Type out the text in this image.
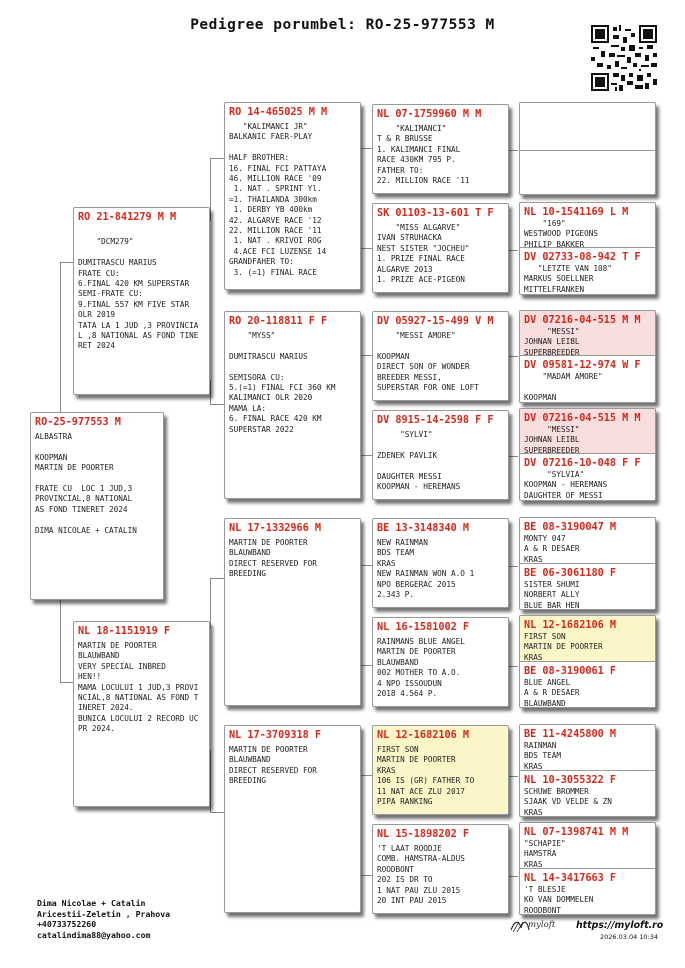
Pedigree porumbel: RO-25-977553 M
RO-25-977553 M
ALBASTRA

KOOPMAN
MARTIN DE POORTER

FRATE CU  LOC 1 JUD,3
PROVINCIAL,8 NATIONAL
AS FOND TINERET 2024

DIMA NICOLAE + CATALIN
RO 21-841279 M M

"DCM279"

DUMITRASCU MARIUS
FRATE CU:
6.FINAL 420 KM SUPERSTAR
SEMI-FRATE CU:
9.FINAL 557 KM FIVE STAR
OLR 2019
TATA LA 1 JUD ,3 PROVINCIA
L ,8 NATIONAL AS FOND TINE
RET 2024
NL 18-1151919 F
MARTIN DE POORTER
BLAUWBAND
VERY SPECIAL INBRED
HEN!!
MAMA LOCULUI 1 JUD,3 PROVI
NCIAL,8 NATIONAL AS FOND T
INERET 2024.
BUNICA LOCULUI 2 RECORD UC
PR 2024.
RO 14-465025 M M
"KALIMANCI JR"
BALKANIC FAER-PLAY

HALF BROTHER:
16. FINAL FCI PATTAYA
46. MILLION RACE '09
1. NAT . SPRINT Yl.
=1. THAILANDA 300km
1. DERBY YB 400km
42. ALGARVE RACE '12
22. MILLION RACE '11
1. NAT . KRIVOI ROG
4.ACE FCI LUZENSE 14
GRANDFAHER TO:
3. (=1) FINAL RACE
RO 20-118811 F F
"MYSS"

DUMITRASCU MARIUS

SEMISORA CU:
5.(=1) FINAL FCI 360 KM
KALIMANCI OLR 2020
MAMA LA:
6. FINAL RACE 420 KM
SUPERSTAR 2022
NL 17-1332966 M
MARTIN DE POORTER
BLAUWBAND
DIRECT RESERVED FOR
BREEDING
NL 17-3709318 F
MARTIN DE POORTER
BLAUWBAND
DIRECT RESERVED FOR
BREEDING
NL 07-1759960 M M
"KALIMANCI"
T & R BRUSSE
1. KALIMANCI FINAL
RACE 430KM 795 P.
FATHER TO:
22. MILLION RACE '11
SK 01103-13-601 T F
"MISS ALGARVE"
IVAN STRUHACKA
NEST SISTER "JOCHEU"
1. PRIZE FINAL RACE
ALGARVE 2013
1. PRIZE ACE-PIGEON
DV 05927-15-499 V M
"MESSI AMORE"

KOOPMAN
DIRECT SON OF WONDER
BREEDER MESSI,
SUPERSTAR FOR ONE LOFT
DV 8915-14-2598 F F
"SYLVI"

ZDENEK PAVLIK

DAUGHTER MESSI
KOOPMAN - HEREMANS
BE 13-3148340 M
NEW RAINMAN
BDS TEAM
KRAS
NEW RAINMAN WON A.O 1
NPO BERGERAC 2015
2.343 P.
NL 16-1581002 F
RAINMANS BLUE ANGEL
MARTIN DE POORTER
BLAUWBAND
002 MOTHER TO A.O.
4 NPO ISSOUDUN
2018 4.564 P.
NL 12-1682106 M
FIRST SON
MARTIN DE POORTER
KRAS
106 IS (GR) FATHER TO
11 NAT ACE ZLU 2017
PIPA RANKING
NL 15-1898202 F
'T LAAT ROODJE
COMB. HAMSTRA-ALDUS
ROODBONT
202 IS DR TO
1 NAT PAU ZLU 2015
20 INT PAU 2015
NL 10-1541169 L M
"169"
WESTWOOD PIGEONS
PHILIP BAKKER
DV 02733-08-942 T F
"LETZTE VAN 108"
MARKUS SOELLNER
MITTELFRANKEN
DV 07216-04-515 M M
"MESSI"
JOHNAN LEIBL
SUPERBREEDER
DV 09581-12-974 W F
"MADAM AMORE"

KOOPMAN
DV 07216-04-515 M M
"MESSI"
JOHNAN LEIBL
SUPERBREEDER
DV 07216-10-048 F F
"SYLVIA"
KOOPMAN - HEREMANS
DAUGHTER OF MESSI
BE 08-3190047 M
MONTY 047
A & R DESAER
KRAS
BE 06-3061180 F
SISTER SHUMI
NORBERT ALLY
BLUE BAR HEN
NL 12-1682106 M
FIRST SON
MARTIN DE POORTER
KRAS
BE 08-3190061 F
BLUE ANGEL
A & R DESAER
BLAUWBAND
BE 11-4245800 M
RAINMAN
BDS TEAM
KRAS
NL 10-3055322 F
SCHUWE BROMMER
SJAAK VD VELDE & ZN
KRAS
NL 07-1398741 M M
"SCHAPIE"
HAMSTRA
KRAS
NL 14-3417663 F
'T BLESJE
KO VAN DOMMELEN
ROODBONT
Dima Nicolae + Catalin
Aricestii-Zeletin , Prahova
+40733752260
catalindima88@yahoo.com
myloft https://myloft.ro
2026.03.04 10:34
